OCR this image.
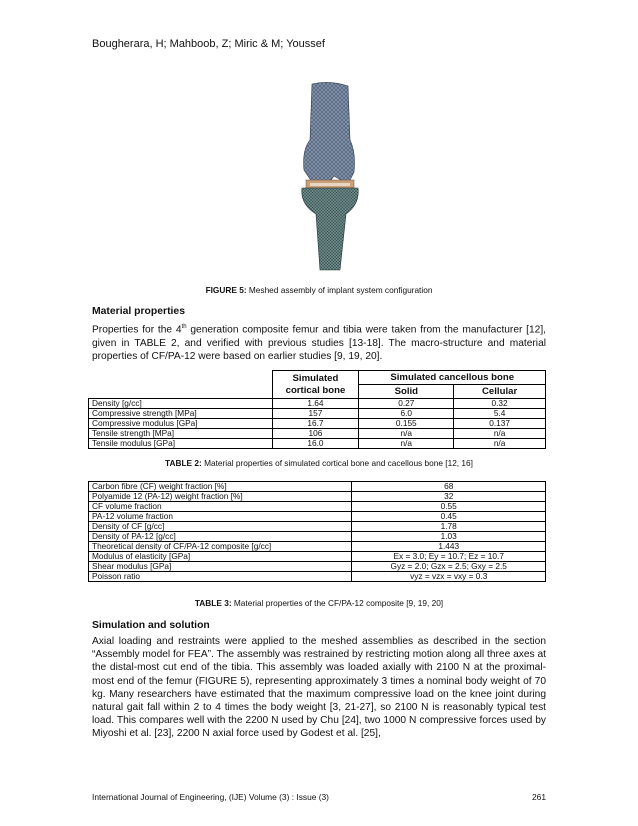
Bougherara, H; Mahboob, Z; Miric & M; Youssef
FIGURE 5: Meshed assembly of implant system configuration
Material properties
Properties for the 4th generation composite femur and tibia were taken from the manufacturer [12], given in TABLE 2, and verified with previous studies [13-18]. The macro-structure and material properties of CF/PA-12 were based on earlier studies [9, 19, 20].
	Simulated cortical bone	Simulated cancellous bone	
		Solid	Cellular
Density [g/cc]	1.64	0.27	0.32
Compressive strength [MPa]	157	6.0	5.4
Compressive modulus [GPa]	16.7	0.155	0.137
Tensile strength [MPa]	106	n/a	n/a
Tensile modulus [GPa]	16.0	n/a	n/a
TABLE 2: Material properties of simulated cortical bone and cacellous bone [12, 16]
Carbon fibre (CF) weight fraction [%]	68
Polyamide 12 (PA-12) weight fraction [%]	32
CF volume fraction	0.55
PA-12 volume fraction	0.45
Density of CF [g/cc]	1.78
Density of PA-12 [g/cc]	1.03
Theoretical density of CF/PA-12 composite [g/cc]	1.443
Modulus of elasticity [GPa]	Ex = 3.0; Ey = 10.7; Ez = 10.7
Shear modulus [GPa]	Gyz = 2.0; Gzx = 2.5; Gxy = 2.5
Poisson ratio	vyz = vzx = vxy = 0.3
TABLE 3: Material properties of the CF/PA-12 composite [9, 19, 20]
Simulation and solution
Axial loading and restraints were applied to the meshed assemblies as described in the section “Assembly model for FEA”. The assembly was restrained by restricting motion along all three axes at the distal-most cut end of the tibia. This assembly was loaded axially with 2100 N at the proximal-most end of the femur (FIGURE 5), representing approximately 3 times a nominal body weight of 70 kg. Many researchers have estimated that the maximum compressive load on the knee joint during natural gait fall within 2 to 4 times the body weight [3, 21-27], so 2100 N is reasonably typical test load. This compares well with the 2200 N used by Chu [24], two 1000 N compressive forces used by Miyoshi et al. [23], 2200 N axial force used by Godest et al. [25],
International Journal of Engineering, (IJE) Volume (3) : Issue (3)	261
